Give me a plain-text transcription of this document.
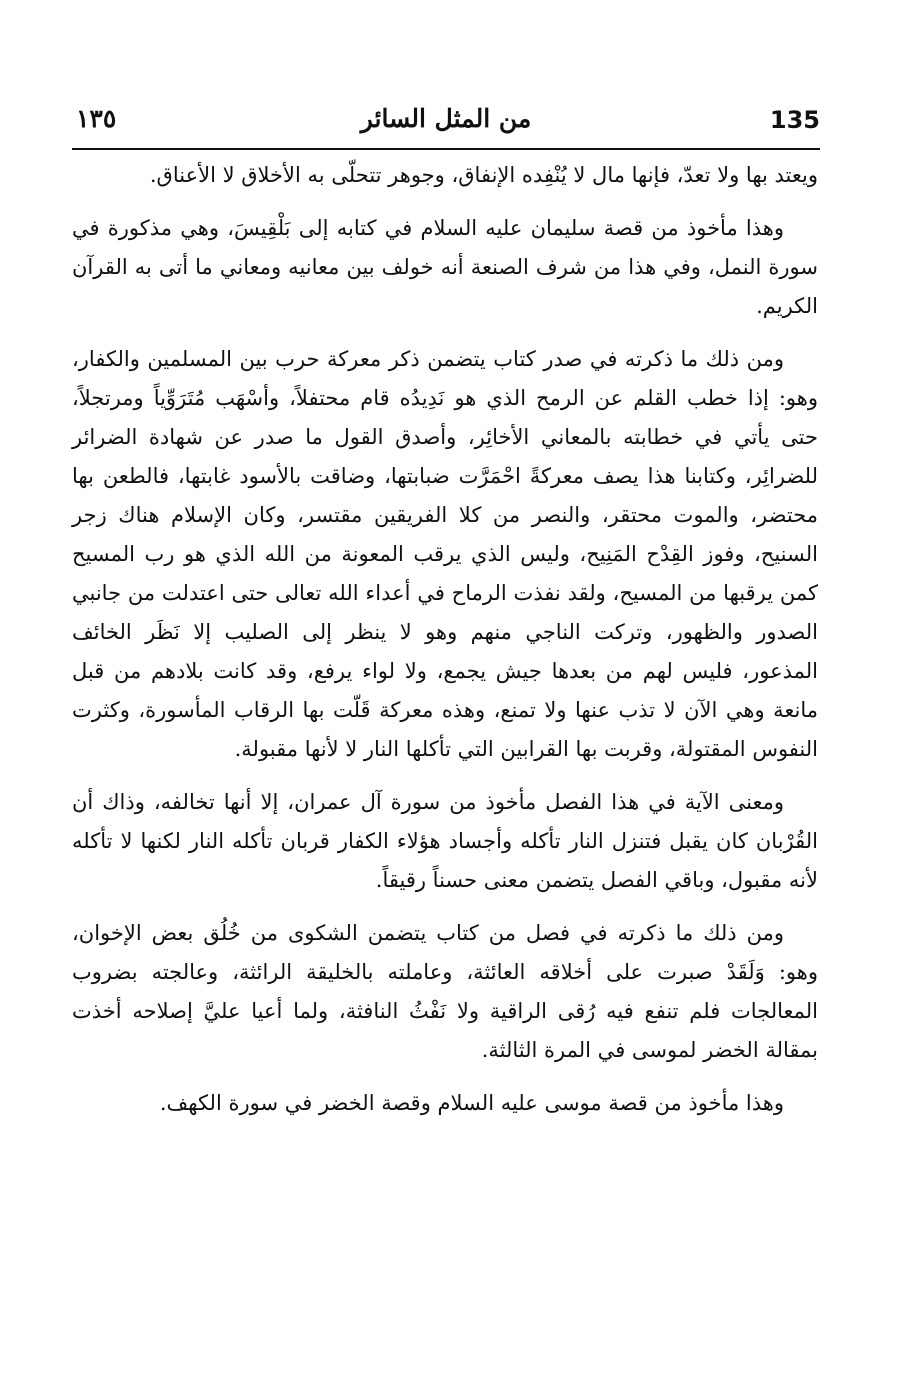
135
من المثل السائر
١٣٥

ويعتد بها ولا تعدّ، فإنها مال لا يُنْفِده الإنفاق، وجوهر تتحلّى به الأخلاق لا الأعناق.

وهذا مأخوذ من قصة سليمان عليه السلام في كتابه إلى بَلْقِيسَ، وهي مذكورة في سورة النمل، وفي هذا من شرف الصنعة أنه خولف بين معانيه ومعاني ما أتى به القرآن الكريم.

ومن ذلك ما ذكرته في صدر كتاب يتضمن ذكر معركة حرب بين المسلمين والكفار، وهو: إذا خطب القلم عن الرمح الذي هو نَدِيدُه قام محتفلاً، وأسْهَب مُتَرَوِّياً ومرتجلاً، حتى يأتي في خطابته بالمعاني الأخائِر، وأصدق القول ما صدر عن شهادة الضرائر للضرائِر، وكتابنا هذا يصف معركةً احْمَرَّت ضبابتها، وضاقت بالأسود غابتها، فالطعن بها محتضر، والموت محتقر، والنصر من كلا الفريقين مقتسر، وكان الإسلام هناك زجر السنيح، وفوز القِدْح المَنِيح، وليس الذي يرقب المعونة من الله الذي هو رب المسيح كمن يرقبها من المسيح، ولقد نفذت الرماح في أعداء الله تعالى حتى اعتدلت من جانبي الصدور والظهور، وتركت الناجي منهم وهو لا ينظر إلى الصليب إلا نَظَر الخائف المذعور، فليس لهم من بعدها جيش يجمع، ولا لواء يرفع، وقد كانت بلادهم من قبل مانعة وهي الآن لا تذب عنها ولا تمنع، وهذه معركة قَلّت بها الرقاب المأسورة، وكثرت النفوس المقتولة، وقربت بها القرابين التي تأكلها النار لا لأنها مقبولة.

ومعنى الآية في هذا الفصل مأخوذ من سورة آل عمران، إلا أنها تخالفه، وذاك أن القُرْبان كان يقبل فتنزل النار تأكله وأجساد هؤلاء الكفار قربان تأكله النار لكنها لا تأكله لأنه مقبول، وباقي الفصل يتضمن معنى حسناً رقيقاً.

ومن ذلك ما ذكرته في فصل من كتاب يتضمن الشكوى من خُلُق بعض الإخوان، وهو: وَلَقَدْ صبرت على أخلاقه العائثة، وعاملته بالخليقة الرائثة، وعالجته بضروب المعالجات فلم تنفع فيه رُقى الراقية ولا نَفْثُ النافثة، ولما أعيا عليَّ إصلاحه أخذت بمقالة الخضر لموسى في المرة الثالثة.

وهذا مأخوذ من قصة موسى عليه السلام وقصة الخضر في سورة الكهف.
